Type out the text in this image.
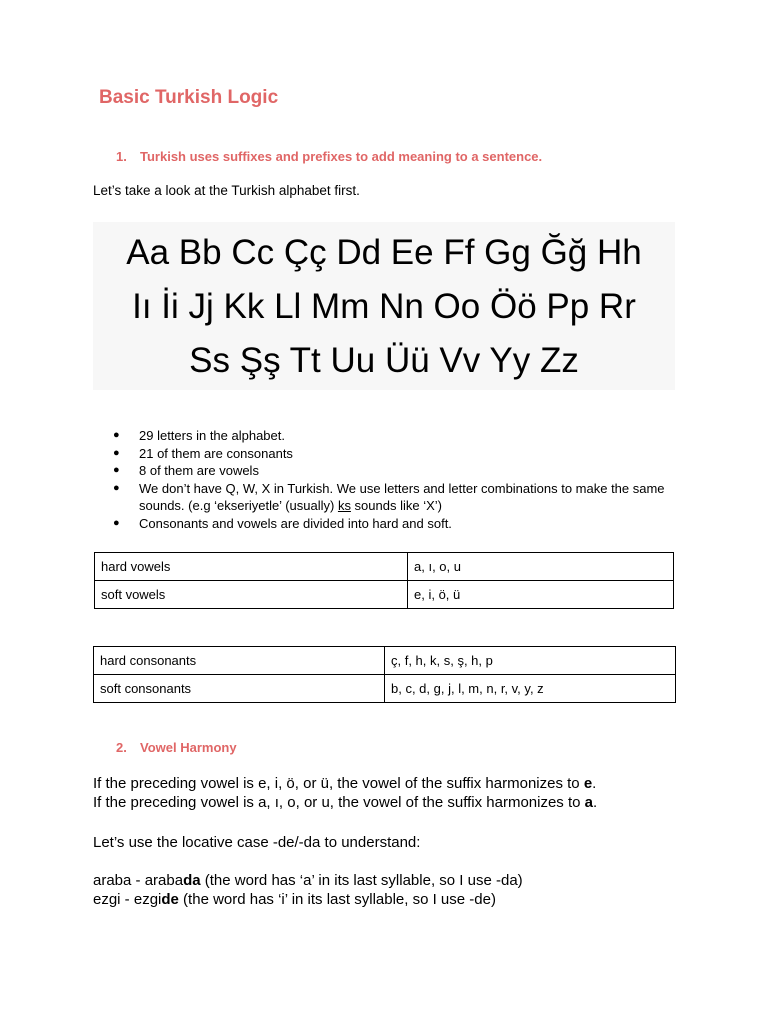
Basic Turkish Logic
1. Turkish uses suffixes and prefixes to add meaning to a sentence.
Let’s take a look at the Turkish alphabet first.
Aa Bb Cc Çç Dd Ee Ff Gg Ğğ Hh
Iı İi Jj Kk Ll Mm Nn Oo Öö Pp Rr
Ss Şş Tt Uu Üü Vv Yy Zz
● 29 letters in the alphabet.
● 21 of them are consonants
● 8 of them are vowels
● We don’t have Q, W, X in Turkish. We use letters and letter combinations to make the same sounds. (e.g ‘ekseriyetle’ (usually) ks sounds like ‘X’)
● Consonants and vowels are divided into hard and soft.
hard vowels	a, ı, o, u
soft vowels	e, i, ö, ü
hard consonants	ç, f, h, k, s, ş, h, p
soft consonants	b, c, d, g, j, l, m, n, r, v, y, z
2. Vowel Harmony
If the preceding vowel is e, i, ö, or ü, the vowel of the suffix harmonizes to e.
If the preceding vowel is a, ı, o, or u, the vowel of the suffix harmonizes to a.
Let’s use the locative case -de/-da to understand:
araba - arabada (the word has ‘a’ in its last syllable, so I use -da)
ezgi - ezgide (the word has ‘i’ in its last syllable, so I use -de)
